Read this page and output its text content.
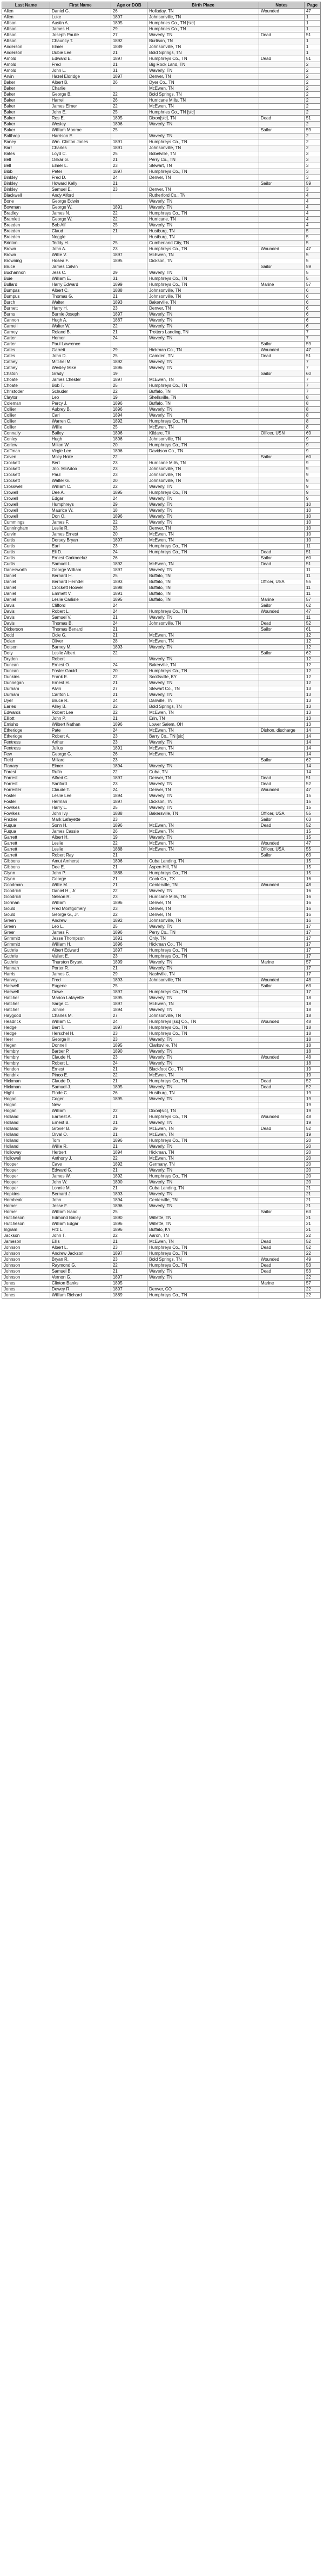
Last Name	First Name	Age or DOB	Birth Place	Notes	Page
Allen	Daniel G.	26	Holladay, TN	Wounded	47
Allen	Luke	1897	Johnsonville, TN		1
Allison	Austin A.	1895	Humphries Co., TN [sic]		1
Allison	James H.	29	Humphries Co., TN		1
Allison	Joseph Paulie	27	Waverly, TN	Dead	51
Allison	Chauncy T.	1892	Burlison, TN		1
Anderson	Elmer	1889	Johnsonville, TN		1
Anderson	Dubie Lee	21	Bold Springs, TN		1
Arnold	Edward E.	1897	Humphreys Co., TN	Dead	51
Arnold	Fred	21	Big Rock Land, TN		2
Arnold	John L.	31	Waverly, TN		2
Arvin	Hazel Eldridge	1897	Denver, TN		2
Baker	Albert B.	26	Dyer Co., TN		2
Baker	Charlie		McEwen, TN		2
Baker	George B.	22	Bold Springs, TN		2
Baker	Harrel	26	Hurricane Mills, TN		2
Baker	James Elmer	22	McEwen, TN		2
Baker	John E.	25	Humphries Co., TN [sic]		2
Baker	Ros E.	1895	Dixon[sic], TN	Dead	51
Baker	Wesley	1896	Waverly, TN		2
Baker	William Monroe	25		Sailor	59
Balthrop	Harrison E.		Waverly, TN		2
Baney	Wm. Clinton Jones	1891	Humphreys Co., TN		2
Barr	Charles	1891	Johnsonville, TN		2
Bates	Loyd C.	25	Bobelville, TN		3
Bell	Oskar G.	21	Perry Co., TN		3
Bell	Elmer L.	23	Stewart, TN		3
Bibb	Peter	1897	Humphreys Co., TN		3
Binkley	Fred D.	24	Denver, TN		3
Binkley	Howard Kelly	21		Sailor	59
Binkley	Samuel E.	23	Denver, TN		3
Blackwell	Andy Alford		Rutherford Co., TN		4
Bone	George Edwin		Waverly, TN		4
Bowman	George W.	1891	Waverly, TN		4
Bradley	James N.	22	Humphreys Co., TN		4
Bramlett	George W.	22	Hurricane, TN		4
Breeden	Bob Alf	25	Waverly, TN		4
Breeden	Claud	21	Hustburg, TN		5
Breeden	Noggle		Hustburg, TN		5
Brinton	Teddy H.	25	Cumberland City, TN		5
Brown	John A.	23	Humphreys Co., TN	Wounded	47
Brown	Willie V.	1897	McEwen, TN		5
Browning	Hosea F.	1895	Dickson, TN		5
Bruce	James Calvin			Sailor	59
Buchannon	Jess C.	29	Waverly, TN		5
Buie	William E.	31	Humphreys Co., TN		5
Bullard	Harry Edward	1899	Humphreys Co., TN	Marine	57
Bumpas	Albert C.	1888	Johnsonville, TN		6
Bumpus	Thomas G.	21	Johnsonville, TN		6
Burch	Walter	1893	Bakerville, TN		6
Burnett	Harry H.	23	Denver, TN		6
Burns	Burnie Joseph	1897	Waverly, TN		6
Cannon	Hugh A.	1887	Waverly, TN		6
Carnell	Walter W.	22	Waverly, TN		6
Carney	Roland B.	21	Trotters Landing, TN		7
Carter	Homer	24	Waverly, TN		7
Carter	Paul Lawrence			Sailor	59
Cates	Garrett	29	Hickman Co., TN	Wounded	47
Cates	John D.	25	Camden, TN	Dead	51
Cathey	Mitchel M.	1892	Waverly, TN		7
Cathey	Wesley Mike	1896	Waverly, TN		7
Chaton	Grady	19		Sailor	60
Choate	James Chester	1897	McEwen, TN		7
Choate	Bob T.	25	Humphreys Co., TN		7
Christoder	Schuder	22	Buffalo, TN		7
Claytor	Leo	19	Shellsville, TN		8
Coleman	Percy J.	1896	Buffalo, TN		8
Collier	Aubrey B.	1896	Waverly, TN		8
Collier	Carl	1894	Waverly, TN		8
Collier	Warren C.	1892	Humphreys Co., TN		8
Collier	Willie	25	McEwen, TN		8
Connally	Bailey	1896	Kildare, TX	Officer, USN	69
Conley	Hugh	1896	Johnsonville, TN		9
Corlew	Milton W.	20	Humphreys Co., TN		9
Coffman	Virgle Lee	1896	Davidson Co., TN		9
Coven	Miley Hoke	22		Sailor	60
Crockett	Bert	23	Hurricane Mills, TN		9
Crockett	Jno. McAdoo	23	Johnsonville, TN		9
Crockett	Paul	23	Johnsonville, TN		9
Crockett	Walter G.	20	Johnsonville, TN		9
Crosswell	William C.	22	Waverly, TN		9
Crowell	Dee A.	1895	Humphreys Co., TN		9
Crowell	Edgar	24	Waverly, TN		9
Crowell	Humphreys	29	Waverly, TN		10
Crowell	Maurice W.	18	Waverly, TN		10
Crowell	Don O.	1896	Waverly, TN		10
Cummings	James F.	22	Waverly, TN		10
Cunningham	Leslie R.	23	Denver, TN		10
Curvin	James Ernest	20	McEwen, TN		10
Curtis	Dorsey Bryan	1897	McEwen, TN		10
Curtis	Earl	23	Humphreys Co., TN		11
Curtis	Eli D.	24	Humphreys Co., TN	Dead	51
Curtis	Ernest Corkneeluz	26		Sailor	60
Curtis	Samuel L.	1892	McEwen, TN	Dead	51
Danesworth	George William	1897	Waverly, TN		11
Daniel	Bernard H.	25	Buffalo, TN		11
Daniel	Bernard Herndel	1893	Buffalo, TN	Officer, USA	55
Daniel	Crockett Hoover	1898	Buffalo, TN		11
Daniel	Emmett V.	1891	Buffalo, TN		11
Daniel	Leslie Carlisle	1895	Buffalo, TN	Marine	57
Davis	Clifford	24		Sailor	62
Davis	Robert L.	24	Humphreys Co., TN	Wounded	47
Davis	Samuel V.	21	Waverly, TN		11
Davis	Thomas B.	24	Johnsonville, TN	Dead	52
Dickerson	Thomas Benard	21		Sailor	61
Dodd	Ocie G.	21	McEwen, TN		12
Dolan	Oliver	28	McEwen, TN		12
Dotson	Barney M.	1893	Waverly, TN		12
Doty	Leslie Albert	22		Sailor	62
Dryden	Robert		Waverly, TN		12
Duncan	Ernest O.	24	Bakerville, TN		12
Duncan	Foster Gould	20	Humphreys Co., TN		12
Dunkins	Frank E.	22	Scottsville, KY		12
Dunnegan	Ernest H.	21	Waverly, TN		12
Durham	Alvin	27	Stewart Co., TN		13
Durham	Carlton L.	21	Waverly, TN		13
Dyer	Bruce R.	24	Danville, TN		13
Earles	Alley B.	22	Bold Springs, TN		13
Edwards	Robert Lee	22	McEwen, TN		13
Elliott	John P.	21	Erin, TN		13
Emisho	Wilbert Nathan	1896	Lower Salem, OH		13
Etheridge	Pate	24	McEwen, TN	Dishon. discharge	14
Etheridge	Robert A.	23	Barry Co., TN [sic]		14
Fentress	Arthur	23	Waverly, TN		14
Fentress	Julius	1891	McEwen, TN		14
Few	George G.	26	McEwen, TN		14
Field	Millard	23		Sailor	62
Flanary	Elmer	1894	Waverly, TN		14
Forest	Rufin	22	Cuba, TN		14
Forrest	Alfred C.	1897	Denver, TN	Dead	51
Forrest	Sanford	23	Waverly, TN	Dead	52
Forrester	Claude T.	24	Denver, TN	Wounded	47
Foster	Leslie Lee	1894	Waverly, TN		15
Foster	Herman	1897	Dickson, TN		15
Fowlkes	Harry L.	25	Waverly, TN		15
Fowlkes	John Ivy	1888	Bakersville, TN	Officer, USA	55
Frazier	Mark Lafayette	23		Sailor	63
Fuqua	Sonn H.	1896	McEwen, TN	Dead	52
Fuqua	James Cassie	26	McEwen, TN		15
Garrett	Albert H.	19	Waverly, TN		15
Garrett	Leslie	22	McEwen, TN	Wounded	47
Garrett	Leslie	1888	McEwen, TN	Officer, USA	55
Garrett	Robert Ray	21		Sailor	63
Gibbons	Amut Amherst	1896	Cuba Landing, TN		15
Gibbons	Dee E.	21	Aspen Hill, TN		15
Glynn	John P.	1888	Humphreys Co., TN		15
Glynn	George	21	Cook Co., TX		16
Goodman	Willie M.	21	Centerville, TN	Wounded	48
Goodrich	Daniel H., Jr.	22	Waverly, TN		16
Goodrich	Nelson R.	23	Hurricane Mills, TN		16
Gorman	William	1896	Denver, TN		16
Gould	Fred Montgomery	23	Denver, TN		16
Gould	George G., Jr.	22	Denver, TN		16
Green	Andrew	1892	Johnsonville, TN		16
Green	Leo L.	25	Waverly, TN		17
Greer	James F.	1896	Perry Co., TN		17
Grimmitt	Jesse Thompson	1891	Only, TN		17
Grimmitt	William H.	1896	Hickman Co., TN		17
Guthrie	Albert Edward	1897	Humphreys Co., TN		17
Guthrie	Vallert E.	23	Humphreys Co., TN		17
Guthrie	Thurston Bryant	1899	Waverly, TN	Marine	57
Hannah	Porter R.	21	Waverly, TN		17
Harris	James C.	29	Nashville, TN		17
Harvey	Fred	1893	Johnsonville, TN	Wounded	48
Haswell	Eugene	25		Sailor	63
Haswell	Dowe	1897	Humphreys Co., TN		17
Hatcher	Marion Lafayette	1895	Waverly, TN		18
Hatcher	Sarge C.	1897	McEwen, TN		18
Hatcher	Johnie	1894	Waverly, TN		18
Haygood	Charles M.	27	Johnsonville, TN		18
Headrick	William C.	24	Humphreys [sic] Co., TN	Wounded	48
Hedge	Bert T.	1897	Humphreys Co., TN		18
Hedge	Herschel H.	23	Humphreys Co., TN		18
Heer	George H.	23	Waverly, TN		18
Hegen	Donnell	1895	Clarksville, TN		18
Hembry	Barber P.	1890	Waverly, TN		18
Hembry	Claude H.	23	Waverly, TN	Wounded	48
Hembry	Robert L.	24	Waverly, TN		18
Hendon	Ernest	21	Blackfoot Co., TN		19
Hendrix	Pinoo E.	22	McEwen, TN		19
Hickman	Claude D.	21	Humphreys Co., TN	Dead	52
Hickman	Samuel J.	1895	Waverly, TN	Dead	52
Hight	Flode C.	26	Hustburg, TN		19
Hogan	Coger	1895	Waverly, TN		19
Hogan	New				19
Hogan	William	22	Dixon[sic], TN		19
Holland	Earnest A.	21	Humphreys Co., TN	Wounded	48
Holland	Ernest B.	21	Waverly, TN		19
Holland	Grover B.	29	McEwen, TN	Dead	52
Holland	Orval O.	21	McEwen, TN		19
Holland	Tom	1896	Humphreys Co., TN		20
Holland	Willie R.	21	Waverly, TN		20
Holloway	Herbert	1894	Hickman, TN		20
Hollowell	Anthony J.	22	McEwen, TN		20
Hooper	Cave	1892	Germany, TN		20
Hooper	Edward G.	21	Waverly, TN		20
Hooper	James W.	1892	Humphreys Co., TN		20
Hooper	John W.	1890	Waverly, TN		20
Hooper	Lonnie M.	21	Cuba Landing, TN		21
Hopkins	Bernard J.	1893	Waverly, TN		21
Hornbeak	John	1894	Centerville, TN		21
Horner	Jesse F.	1896	Waverly, TN		21
Horner	William Isaac	25		Sailor	63
Hutcheson	Edmond Bailey	1890	Willette, TN		21
Hutcheson	William Edgar	1896	Willette, TN		21
Ingram	Fitz L.	1896	Buffalo, KY		21
Jackson	John T.	22	Aaron, TN		22
Jameson	Ellis	21	McEwen, TN	Dead	52
Johnson	Albert L.	23	Humphreys Co., TN	Dead	52
Johnson	Andrew Jackson	1897	Humphreys Co., TN		22
Johnson	Bryan R.	23	Bold Springs, TN	Wounded	49
Johnson	Raymond G.	22	Humphreys Co., TN	Dead	53
Johnson	Samuel B.	21	Waverly, TN	Dead	53
Johnson	Vernon G.	1897	Waverly, TN		22
Jones	Clinton Banks	1895		Marine	57
Jones	Dewey R.	1897	Denver, CO		22
Jones	William Richard	1889	Humphreys Co., TN		22
